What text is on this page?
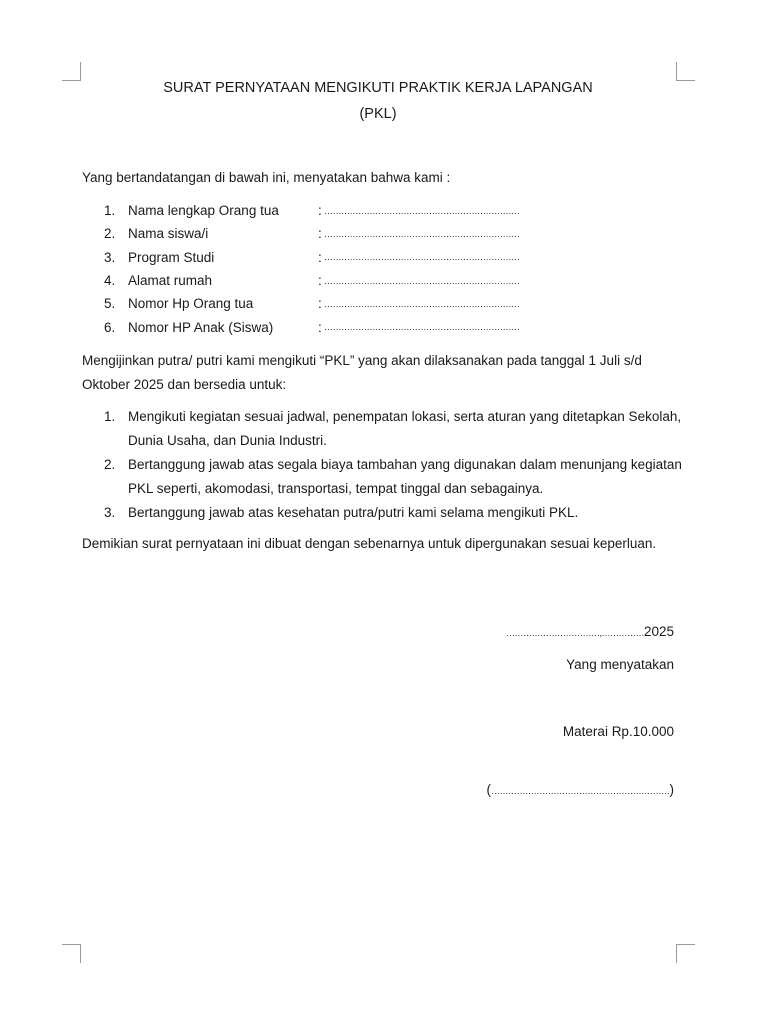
SURAT PERNYATAAN MENGIKUTI PRAKTIK KERJA LAPANGAN
(PKL)
Yang bertandatangan di bawah ini, menyatakan bahwa kami :
1. Nama lengkap Orang tua	: ……………………………………………………………
2. Nama siswa/i	: ……………………………………………………………
3. Program Studi	: ……………………………………………………………
4. Alamat rumah	: ……………………………………………………………
5. Nomor Hp Orang tua	: ……………………………………………………………
6. Nomor HP Anak (Siswa)	: ……………………………………………………………
Mengijinkan putra/ putri kami mengikuti “PKL” yang akan dilaksanakan pada tanggal 1 Juli s/d Oktober 2025 dan bersedia untuk:
1. Mengikuti kegiatan sesuai jadwal, penempatan lokasi, serta aturan yang ditetapkan Sekolah, Dunia Usaha, dan Dunia Industri.
2. Bertanggung jawab atas segala biaya tambahan yang digunakan dalam menunjang kegiatan PKL seperti, akomodasi, transportasi, tempat tinggal dan sebagainya.
3. Bertanggung jawab atas kesehatan putra/putri kami selama mengikuti PKL.
Demikian surat pernyataan ini dibuat dengan sebenarnya untuk dipergunakan sesuai keperluan.
……………………………,……………2025
Yang menyatakan
Materai Rp.10.000
(………………………………………………………)
